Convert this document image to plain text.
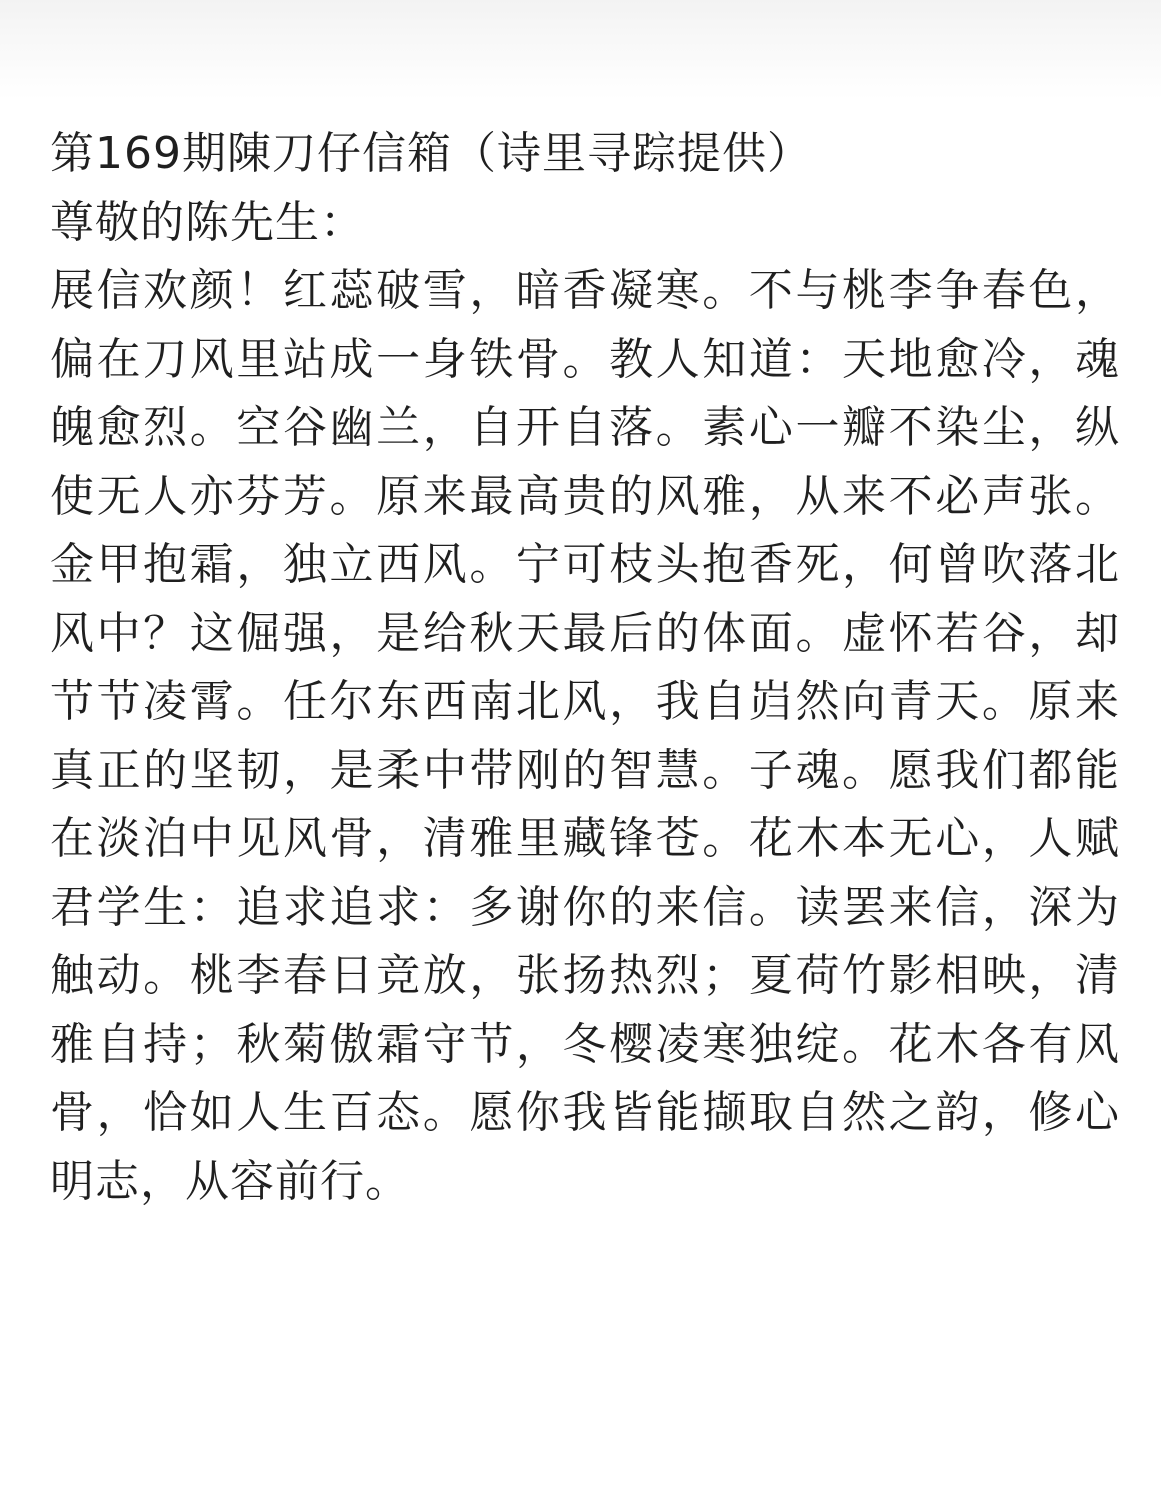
第169期陳刀仔信箱（诗里寻踪提供）
尊敬的陈先生：

展信欢颜！红蕊破雪，暗香凝寒。不与桃李争春色，偏在刀风里站成一身铁骨。教人知道：天地愈冷，魂魄愈烈。空谷幽兰，自开自落。素心一瓣不染尘，纵使无人亦芬芳。原来最高贵的风雅，从来不必声张。金甲抱霜，独立西风。宁可枝头抱香死，何曾吹落北风中？这倔强，是给秋天最后的体面。虚怀若谷，却节节凌霄。任尔东西南北风，我自岿然向青天。原来真正的坚韧，是柔中带刚的智慧。子魂。愿我们都能在淡泊中见风骨，清雅里藏锋苍。花木本无心，人赋君学生：追求追求：多谢你的来信。读罢来信，深为触动。桃李春日竞放，张扬热烈；夏荷竹影相映，清雅自持；秋菊傲霜守节，冬樱凌寒独绽。花木各有风骨，恰如人生百态。愿你我皆能撷取自然之韵，修心明志，从容前行。
